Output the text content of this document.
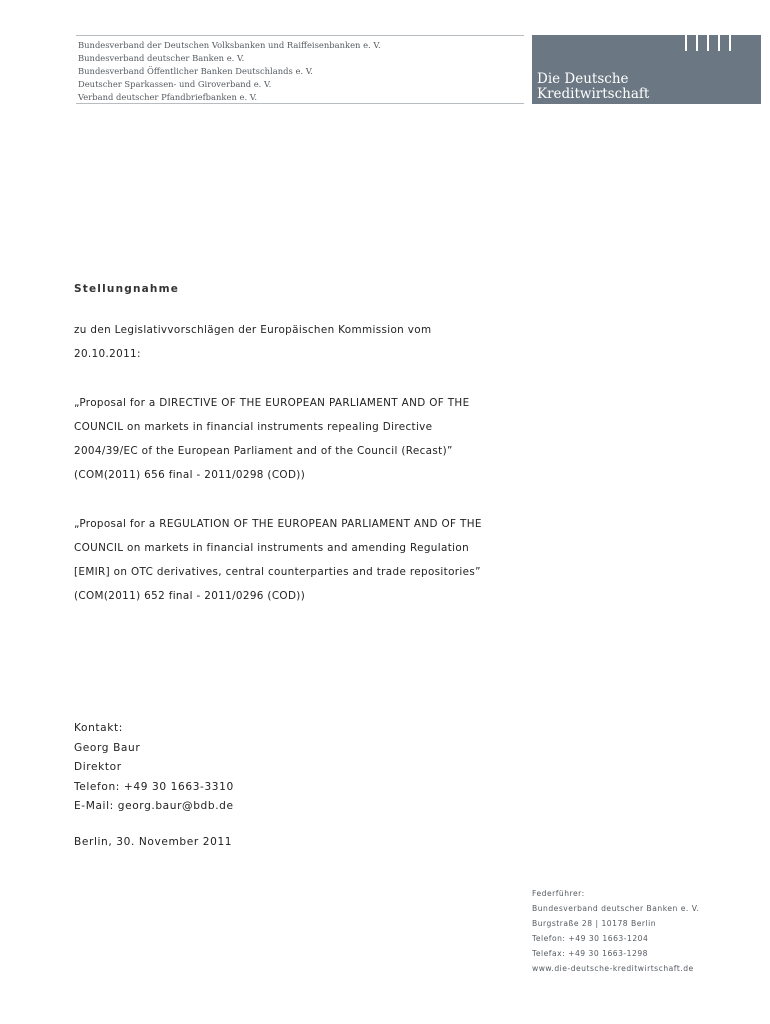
Bundesverband der Deutschen Volksbanken und Raiffeisenbanken e. V.
Bundesverband deutscher Banken e. V.
Bundesverband Öffentlicher Banken Deutschlands e. V.
Deutscher Sparkassen- und Giroverband e. V.
Verband deutscher Pfandbriefbanken e. V.
Die Deutsche
Kreditwirtschaft
Stellungnahme
zu den Legislativvorschlägen der Europäischen Kommission vom
20.10.2011:
„Proposal for a DIRECTIVE OF THE EUROPEAN PARLIAMENT AND OF THE
COUNCIL on markets in financial instruments repealing Directive
2004/39/EC of the European Parliament and of the Council (Recast)”
(COM(2011) 656 final - 2011/0298 (COD))
„Proposal for a REGULATION OF THE EUROPEAN PARLIAMENT AND OF THE
COUNCIL on markets in financial instruments and amending Regulation
[EMIR] on OTC derivatives, central counterparties and trade repositories”
(COM(2011) 652 final - 2011/0296 (COD))
Kontakt:
Georg Baur
Direktor
Telefon: +49 30 1663-3310
E-Mail: georg.baur@bdb.de
Berlin, 30. November 2011
Federführer:
Bundesverband deutscher Banken e. V.
Burgstraße 28 | 10178 Berlin
Telefon: +49 30 1663-1204
Telefax: +49 30 1663-1298
www.die-deutsche-kreditwirtschaft.de
